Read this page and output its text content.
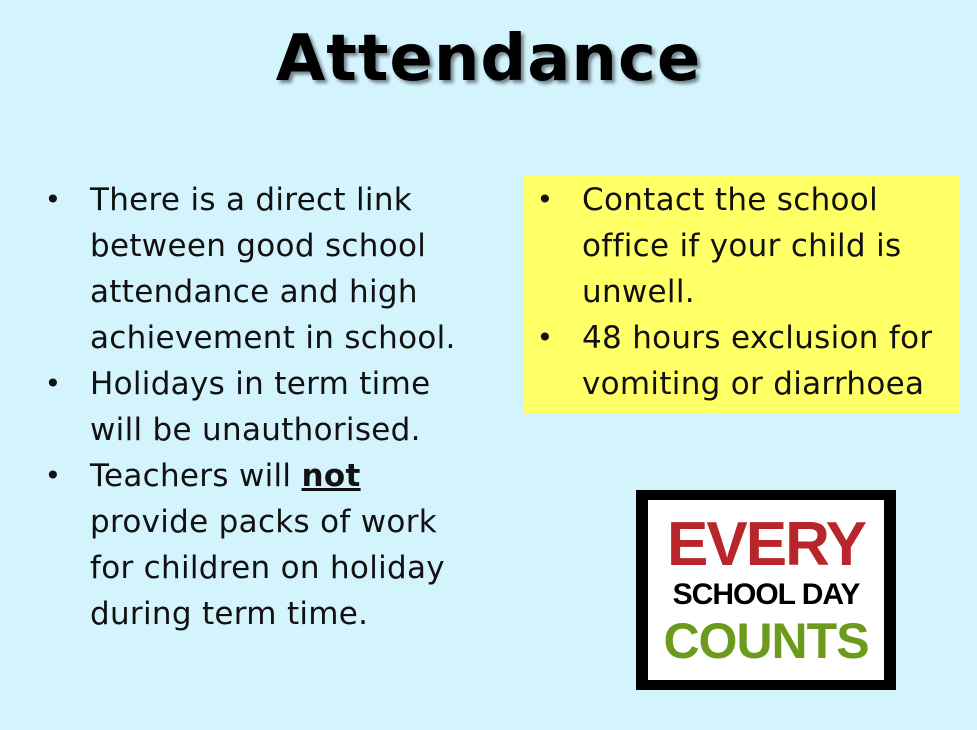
Attendance
• There is a direct link between good school attendance and high achievement in school.
• Holidays in term time will be unauthorised.
• Teachers will not provide packs of work for children on holiday during term time.
• Contact the school office if your child is unwell.
• 48 hours exclusion for vomiting or diarrhoea
EVERY
SCHOOL DAY
COUNTS
